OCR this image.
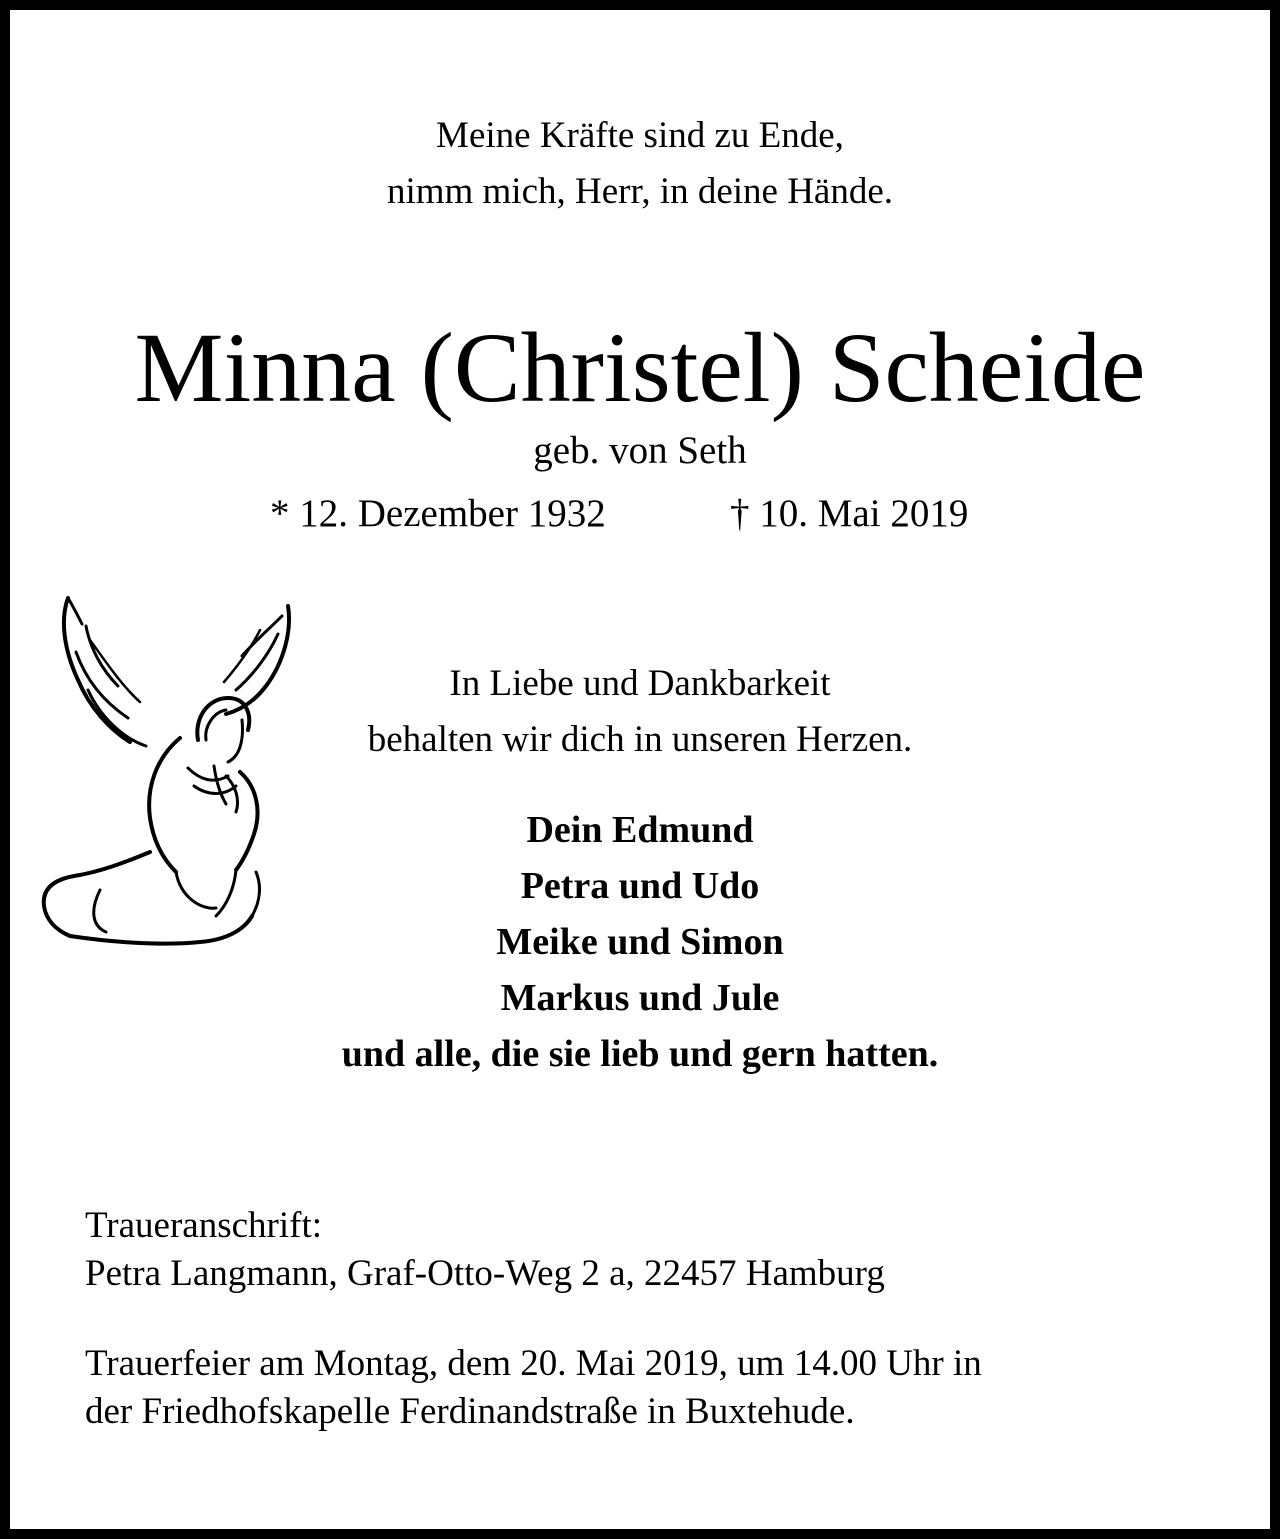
Meine Kräfte sind zu Ende,
nimm mich, Herr, in deine Hände.
Minna (Christel) Scheide
geb. von Seth
* 12. Dezember 1932	† 10. Mai 2019
In Liebe und Dankbarkeit
behalten wir dich in unseren Herzen.
Dein Edmund
Petra und Udo
Meike und Simon
Markus und Jule
und alle, die sie lieb und gern hatten.
Traueranschrift:
Petra Langmann, Graf-Otto-Weg 2 a, 22457 Hamburg
Trauerfeier am Montag, dem 20. Mai 2019, um 14.00 Uhr in
der Friedhofskapelle Ferdinandstraße in Buxtehude.
